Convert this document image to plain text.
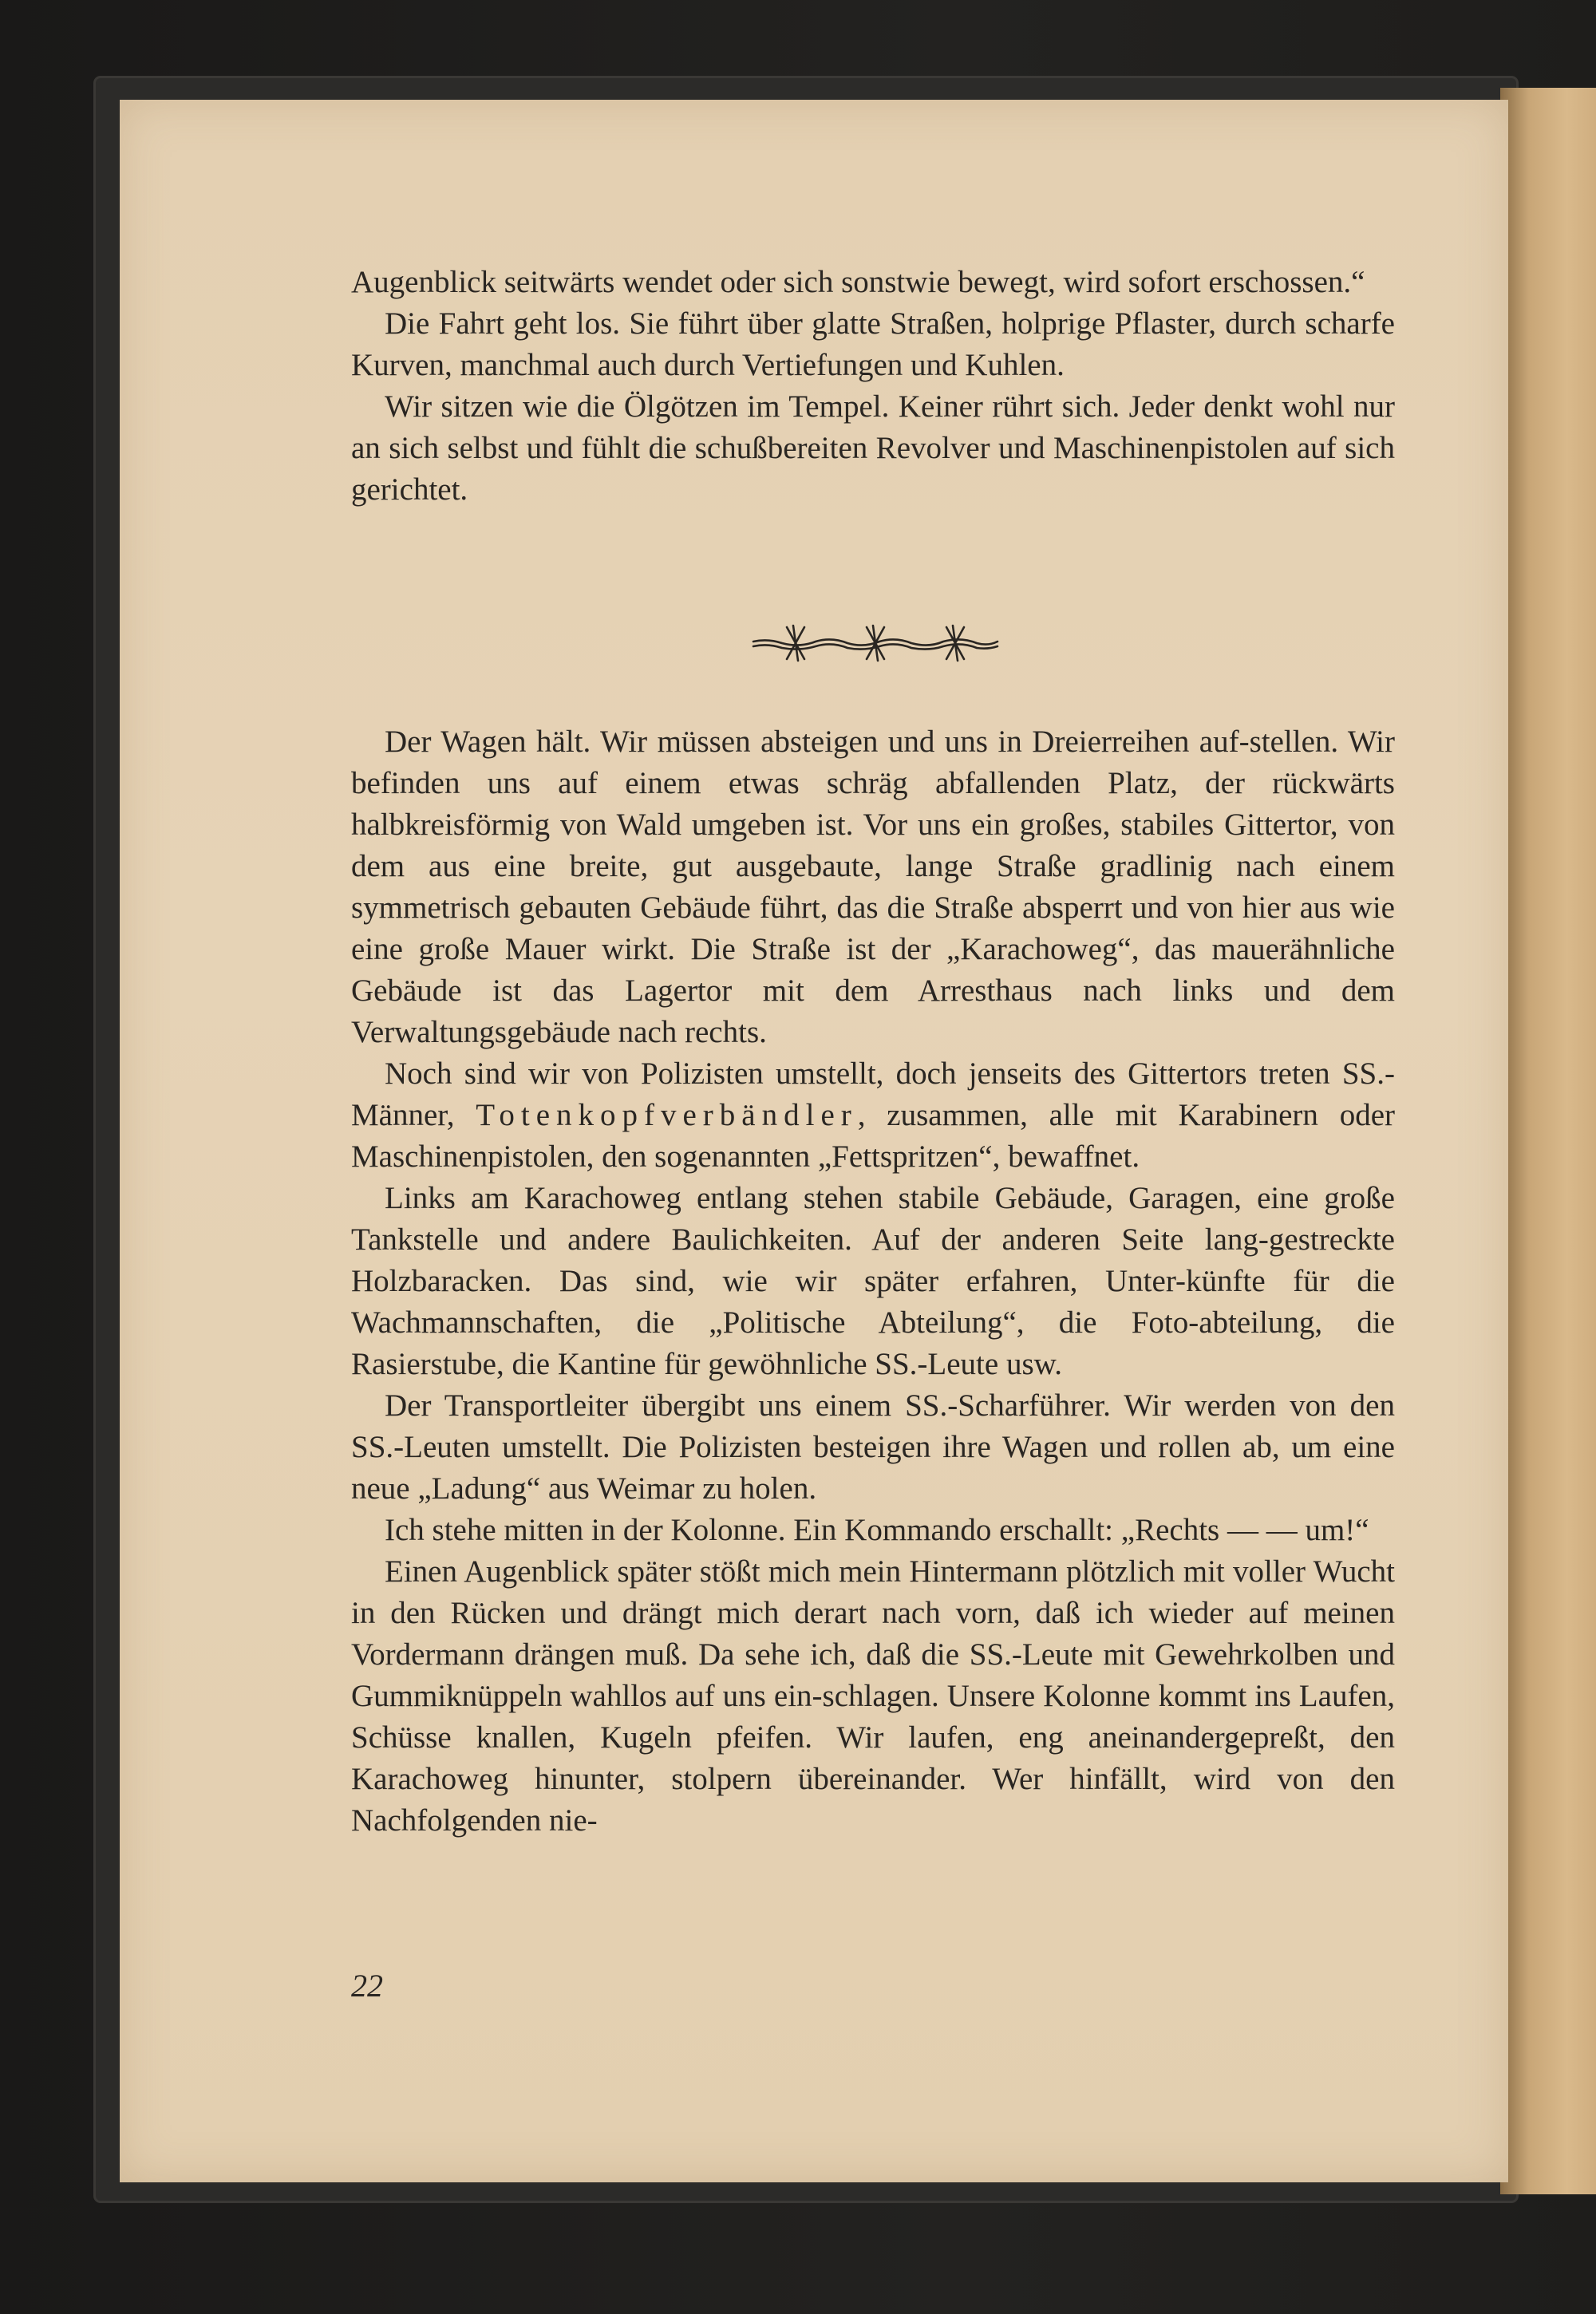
Augenblick seitwärts wendet oder sich sonstwie bewegt, wird sofort erschossen.“

Die Fahrt geht los. Sie führt über glatte Straßen, holprige Pflaster, durch scharfe Kurven, manchmal auch durch Vertiefungen und Kuhlen.

Wir sitzen wie die Ölgötzen im Tempel. Keiner rührt sich. Jeder denkt wohl nur an sich selbst und fühlt die schußbereiten Revolver und Maschinenpistolen auf sich gerichtet.

Der Wagen hält. Wir müssen absteigen und uns in Dreierreihen auf-stellen. Wir befinden uns auf einem etwas schräg abfallenden Platz, der rückwärts halbkreisförmig von Wald umgeben ist. Vor uns ein großes, stabiles Gittertor, von dem aus eine breite, gut ausgebaute, lange Straße gradlinig nach einem symmetrisch gebauten Gebäude führt, das die Straße absperrt und von hier aus wie eine große Mauer wirkt. Die Straße ist der „Karachoweg“, das mauerähnliche Gebäude ist das Lagertor mit dem Arresthaus nach links und dem Verwaltungsgebäude nach rechts.

Noch sind wir von Polizisten umstellt, doch jenseits des Gittertors treten SS.-Männer, Totenkopfverbändler, zusammen, alle mit Karabinern oder Maschinenpistolen, den sogenannten „Fettspritzen“, bewaffnet.

Links am Karachoweg entlang stehen stabile Gebäude, Garagen, eine große Tankstelle und andere Baulichkeiten. Auf der anderen Seite lang-gestreckte Holzbaracken. Das sind, wie wir später erfahren, Unter-künfte für die Wachmannschaften, die „Politische Abteilung“, die Foto-abteilung, die Rasierstube, die Kantine für gewöhnliche SS.-Leute usw.

Der Transportleiter übergibt uns einem SS.-Scharführer. Wir werden von den SS.-Leuten umstellt. Die Polizisten besteigen ihre Wagen und rollen ab, um eine neue „Ladung“ aus Weimar zu holen.

Ich stehe mitten in der Kolonne. Ein Kommando erschallt: „Rechts — — um!“

Einen Augenblick später stößt mich mein Hintermann plötzlich mit voller Wucht in den Rücken und drängt mich derart nach vorn, daß ich wieder auf meinen Vordermann drängen muß. Da sehe ich, daß die SS.-Leute mit Gewehrkolben und Gummiknüppeln wahllos auf uns ein-schlagen. Unsere Kolonne kommt ins Laufen, Schüsse knallen, Kugeln pfeifen. Wir laufen, eng aneinandergepreßt, den Karachoweg hinunter, stolpern übereinander. Wer hinfällt, wird von den Nachfolgenden nie-

22
